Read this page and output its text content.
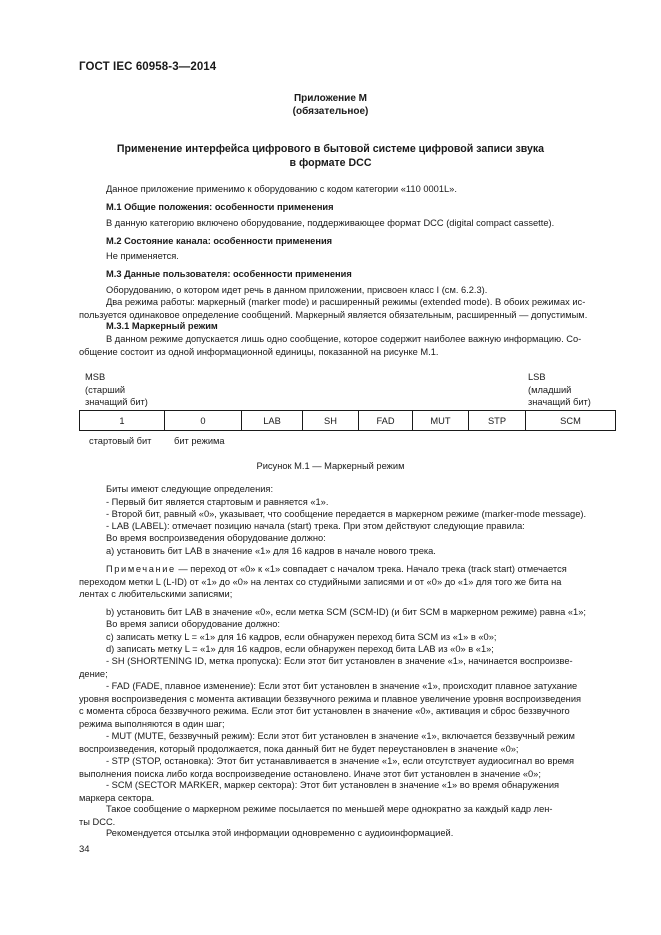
ГОСТ IEC 60958-3—2014
Приложение М
(обязательное)
Применение интерфейса цифрового в бытовой системе цифровой записи звука
в формате DCC
Данное приложение применимо к оборудованию с кодом категории «110 0001L».
М.1 Общие положения: особенности применения
В данную категорию включено оборудование, поддерживающее формат DCC (digital compact cassette).
М.2 Состояние канала: особенности применения
Не применяется.
М.3 Данные пользователя: особенности применения
Оборудованию, о котором идет речь в данном приложении, присвоен класс I (см. 6.2.3).
Два режима работы: маркерный (marker mode) и расширенный режимы (extended mode). В обоих режимах ис-
пользуется одинаковое определение сообщений. Маркерный является обязательным, расширенный — допустимым.
М.3.1 Маркерный режим
В данном режиме допускается лишь одно сообщение, которое содержит наиболее важную информацию. Со-
общение состоит из одной информационной единицы, показанной на рисунке М.1.
MSB
(старший
значащий бит)
LSB
(младший
значащий бит)
1	0	LAB	SH	FAD	MUT	STP	SCM
стартовый бит бит режима
Рисунок М.1 — Маркерный режим
Биты имеют следующие определения:
- Первый бит является стартовым и равняется «1».
- Второй бит, равный «0», указывает, что сообщение передается в маркерном режиме (marker-mode message).
- LAB (LABEL): отмечает позицию начала (start) трека. При этом действуют следующие правила:
Во время воспроизведения оборудование должно:
а) установить бит LAB в значение «1» для 16 кадров в начале нового трека.
Примечание — переход от «0» к «1» совпадает с началом трека. Начало трека (track start) отмечается
переходом метки L (L-ID) от «1» до «0» на лентах со студийными записями и от «0» до «1» для того же бита на
лентах с любительскими записями;
b) установить бит LAB в значение «0», если метка SCM (SCM-ID) (и бит SCM в маркерном режиме) равна «1»;
Во время записи оборудование должно:
с) записать метку L = «1» для 16 кадров, если обнаружен переход бита SCM из «1» в «0»;
d) записать метку L = «1» для 16 кадров, если обнаружен переход бита LAB из «0» в «1»;
- SH (SHORTENING ID, метка пропуска): Если этот бит установлен в значение «1», начинается воспроизве-
дение;
- FAD (FADE, плавное изменение): Если этот бит установлен в значение «1», происходит плавное затухание
уровня воспроизведения с момента активации беззвучного режима и плавное увеличение уровня воспроизведения
с момента сброса беззвучного режима. Если этот бит установлен в значение «0», активация и сброс беззвучного
режима выполняются в один шаг;
- MUT (MUTE, беззвучный режим): Если этот бит установлен в значение «1», включается беззвучный режим
воспроизведения, который продолжается, пока данный бит не будет переустановлен в значение «0»;
- STP (STOP, остановка): Этот бит устанавливается в значение «1», если отсутствует аудиосигнал во время
выполнения поиска либо когда воспроизведение остановлено. Иначе этот бит установлен в значение «0»;
- SCM (SECTOR MARKER, маркер сектора): Этот бит установлен в значение «1» во время обнаружения
маркера сектора.
Такое сообщение о маркерном режиме посылается по меньшей мере однократно за каждый кадр лен-
ты DCC.
Рекомендуется отсылка этой информации одновременно с аудиоинформацией.
34
